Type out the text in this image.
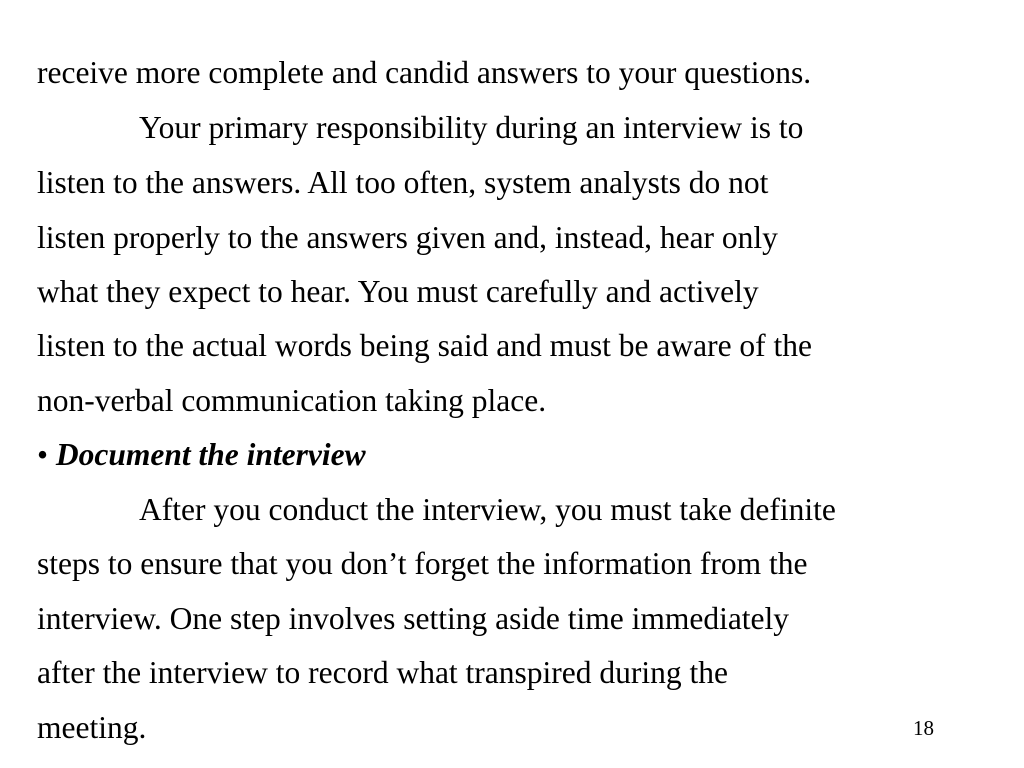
receive more complete and candid answers to your questions.
Your primary responsibility during an interview is to
listen to the answers. All too often, system analysts do not
listen properly to the answers given and, instead, hear only
what they expect to hear. You must carefully and actively
listen to the actual words being said and must be aware of the
non-verbal communication taking place.
• Document the interview
After you conduct the interview, you must take definite
steps to ensure that you don’t forget the information from the
interview. One step involves setting aside time immediately
after the interview to record what transpired during the
meeting.	18
